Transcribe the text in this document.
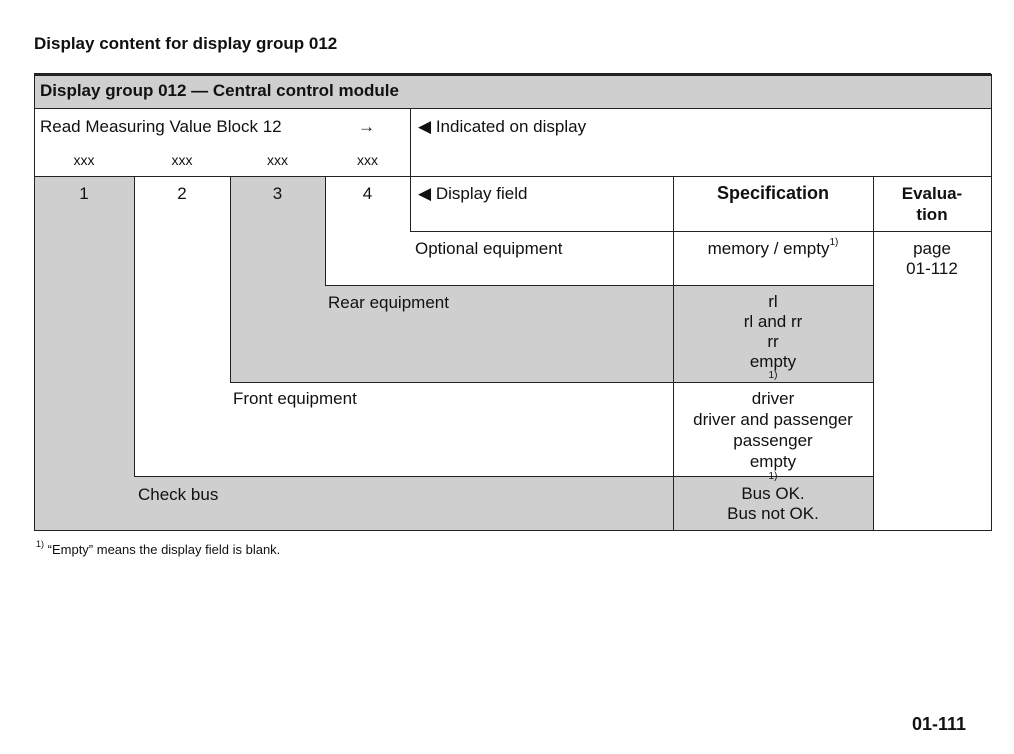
Display content for display group 012
Display group 012 — Central control module
Read Measuring Value Block 12	→	◀ Indicated on display
xxx	xxx	xxx	xxx
1	2	3	4	◀ Display field	Specification	Evalua-
tion
Optional equipment	memory / empty$^{1)}$	page
01-112
Rear equipment	rl
rl and rr
rr
empty
$^{1)}$
Front equipment	driver
driver and passenger
passenger
empty
$^{1)}$
Check bus	Bus OK.
Bus not OK.
$^{1)}$ “Empty” means the display field is blank.
01-111
